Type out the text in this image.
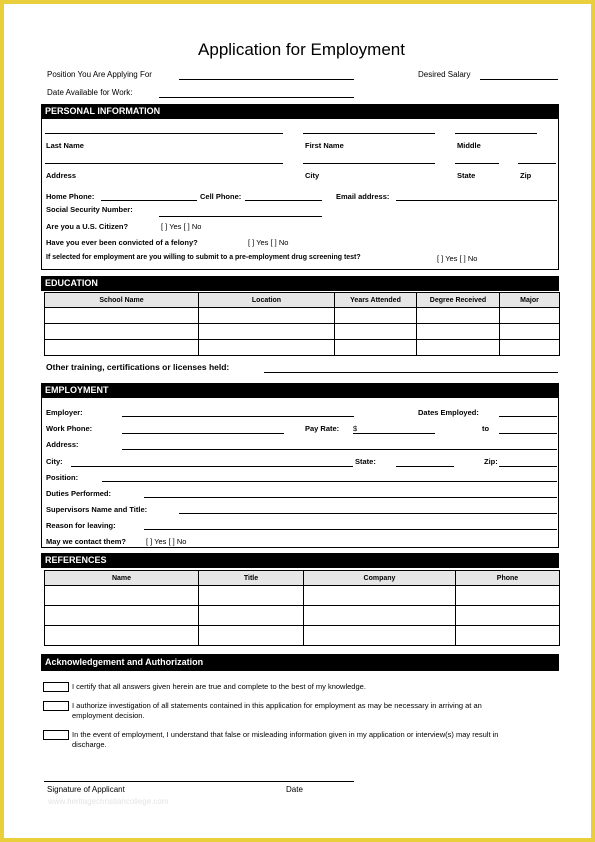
Application for Employment
Position You Are Applying For	Desired Salary
Date Available for Work:
PERSONAL INFORMATION
Last Name	First Name	Middle
Address	City	State	Zip
Home Phone:	Cell Phone:	Email address:
Social Security Number:
Are you a U.S. Citizen?	[ ] Yes [ ] No
Have you ever been convicted of a felony?	[ ] Yes [ ] No
If selected for employment are you willing to submit to a pre-employment drug screening test?	[ ] Yes [ ] No
EDUCATION
School Name	Location	Years Attended	Degree Received	Major

Other training, certifications or licenses held:
EMPLOYMENT
Employer:	Dates Employed:
Work Phone:	Pay Rate: $	to
Address:
City:	State:	Zip:
Position:
Duties Performed:
Supervisors Name and Title:
Reason for leaving:
May we contact them?	[ ] Yes [ ] No
REFERENCES
Name	Title	Company	Phone

Acknowledgement and Authorization
I certify that all answers given herein are true and complete to the best of my knowledge.
I authorize investigation of all statements contained in this application for employment as may be necessary in arriving at an employment decision.
In the event of employment, I understand that false or misleading information given in my application or interview(s) may result in discharge.
Signature of Applicant	Date
www.heritagechristiancollege.com
